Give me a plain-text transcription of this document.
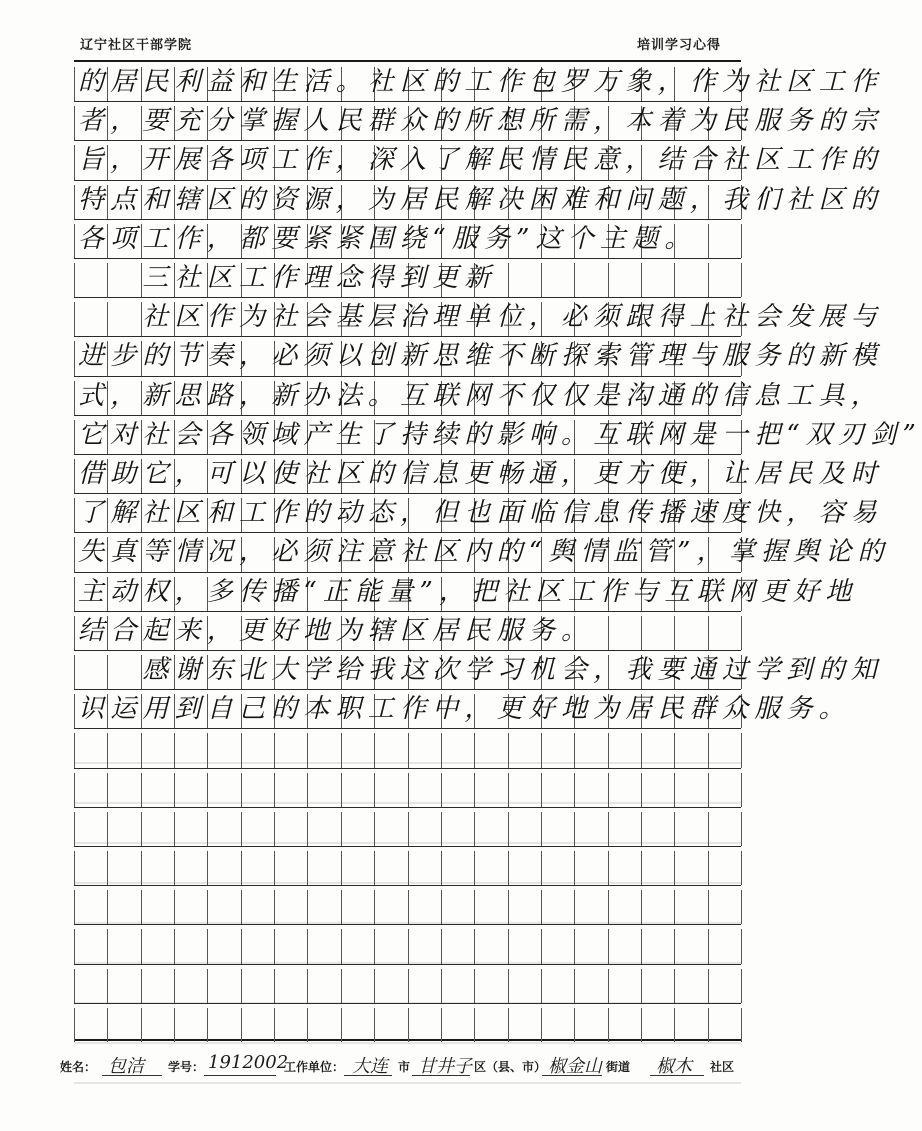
辽宁社区干部学院	培训学习心得
的居民利益和生活。社区的工作包罗万象，作为社区工作
者，要充分掌握人民群众的所想所需，本着为民服务的宗
旨，开展各项工作，深入了解民情民意，结合社区工作的
特点和辖区的资源，为居民解决困难和问题，我们社区的
各项工作，都要紧紧围绕“服务”这个主题。
　　三社区工作理念得到更新
　　社区作为社会基层治理单位，必须跟得上社会发展与
进步的节奏，必须以创新思维不断探索管理与服务的新模
式，新思路，新办法。互联网不仅仅是沟通的信息工具，
它对社会各领域产生了持续的影响。互联网是一把“双刃剑”
借助它，可以使社区的信息更畅通，更方便，让居民及时
了解社区和工作的动态，但也面临信息传播速度快，容易
失真等情况，必须注意社区内的“舆情监管”，掌握舆论的
主动权，多传播“正能量”，把社区工作与互联网更好地
结合起来，更好地为辖区居民服务。
　　感谢东北大学给我这次学习机会，我要通过学到的知
识运用到自己的本职工作中，更好地为居民群众服务。
姓名： 包洁 学号： 1912002
工作单位： 大连 市 甘井子 区（县、市） 椒金山 街道 椒木 社区
